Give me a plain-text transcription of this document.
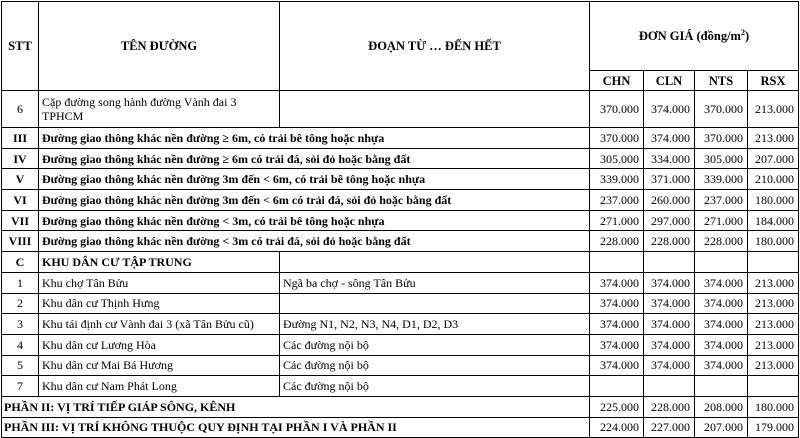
STT	TÊN ĐƯỜNG	ĐOẠN TỪ … ĐẾN HẾT	ĐƠN GIÁ $(đồng/m^2)$			
			CHN	CLN	NTS	RSX
6	Cặp đường song hành đường Vành đai 3 TPHCM		370.000	374.000	370.000	213.000
III	Đường giao thông khác nền đường ≥ 6m, có trải bê tông hoặc nhựa		370.000	374.000	370.000	213.000
IV	Đường giao thông khác nền đường ≥ 6m có trải đá, sỏi đỏ hoặc bằng đất		305.000	334.000	305.000	207.000
V	Đường giao thông khác nền đường 3m đến < 6m, có trải bê tông hoặc nhựa		339.000	371.000	339.000	210.000
VI	Đường giao thông khác nền đường 3m đến < 6m có trải đá, sỏi đỏ hoặc bằng đất		237.000	260.000	237.000	180.000
VII	Đường giao thông khác nền đường < 3m, có trải bê tông hoặc nhựa		271.000	297.000	271.000	184.000
VIII	Đường giao thông khác nền đường < 3m có trải đá, sỏi đỏ hoặc bằng đất		228.000	228.000	228.000	180.000
C	KHU DÂN CƯ TẬP TRUNG					
1	Khu chợ Tân Bửu	Ngã ba chợ - sông Tân Bửu	374.000	374.000	374.000	213.000
2	Khu dân cư Thịnh Hưng		374.000	374.000	374.000	213.000
3	Khu tái định cư Vành đai 3 (xã Tân Bửu cũ)	Đường N1, N2, N3, N4, D1, D2, D3	374.000	374.000	374.000	213.000
4	Khu dân cư Lương Hòa	Các đường nội bộ	374.000	374.000	374.000	213.000
5	Khu dân cư Mai Bá Hương	Các đường nội bộ	374.000	374.000	374.000	213.000
7	Khu dân cư Nam Phát Long	Các đường nội bộ				
PHẦN II: VỊ TRÍ TIẾP GIÁP SÔNG, KÊNH			225.000	228.000	208.000	180.000
PHẦN III: VỊ TRÍ KHÔNG THUỘC QUY ĐỊNH TẠI PHẦN I VÀ PHẦN II			224.000	227.000	207.000	179.000
